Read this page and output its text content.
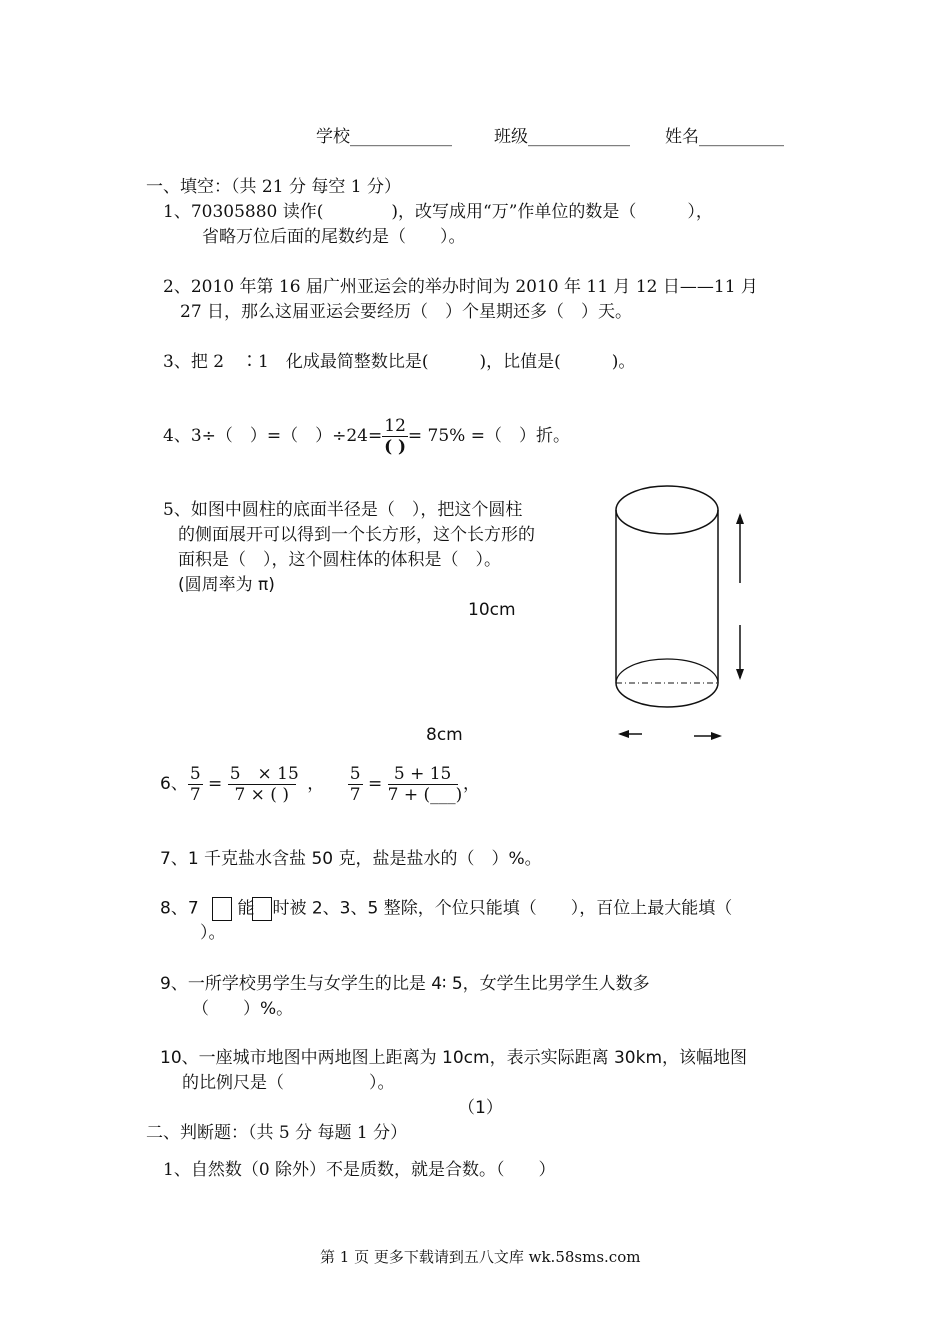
学校____________ 班级____________ 姓名__________
一、填空：（共 21 分 每空 1 分）
1、70305880 读作(　　　　)，改写成用“万”作单位的数是（　　　），
省略万位后面的尾数约是（　　）。
2、2010 年第 16 届广州亚运会的举办时间为 2010 年 11 月 12 日——11 月
27 日，那么这届亚运会要经历（　）个星期还多（　）天。
3、把 2　∶1　化成最简整数比是(　　　)，比值是(　　　)。
4、3÷（　）=（　）$\div 24= \frac{12}{( )} = 75\%$ =（　）折。
5、如图中圆柱的底面半径是（　），把这个圆柱
的侧面展开可以得到一个长方形，这个长方形的
面积是（　），这个圆柱体的体积是（　）。
(圆周率为 π)
10cm
8cm
6、 $\frac{5}{7} = \frac{5 \times 15}{7 \times ( )}$ ， $\frac{5}{7} = \frac{5 + 15}{7 + (\_\_\_)}$ ，
7、1 千克盐水含盐 50 克，盐是盐水的（　）%。
8、7 能 时被 2、3、5 整除，个位只能填（　　），百位上最大能填（
）。
9、一所学校男学生与女学生的比是 4∶ 5，女学生比男学生人数多
（　　）%。
10、一座城市地图中两地图上距离为 10cm，表示实际距离 30km，该幅地图
的比例尺是（　　　　　）。
（1）
二、判断题：（共 5 分 每题 1 分）
1、自然数（0 除外）不是质数，就是合数。（　　）
第 1 页 更多下载请到五八文库 wk.58sms.com
